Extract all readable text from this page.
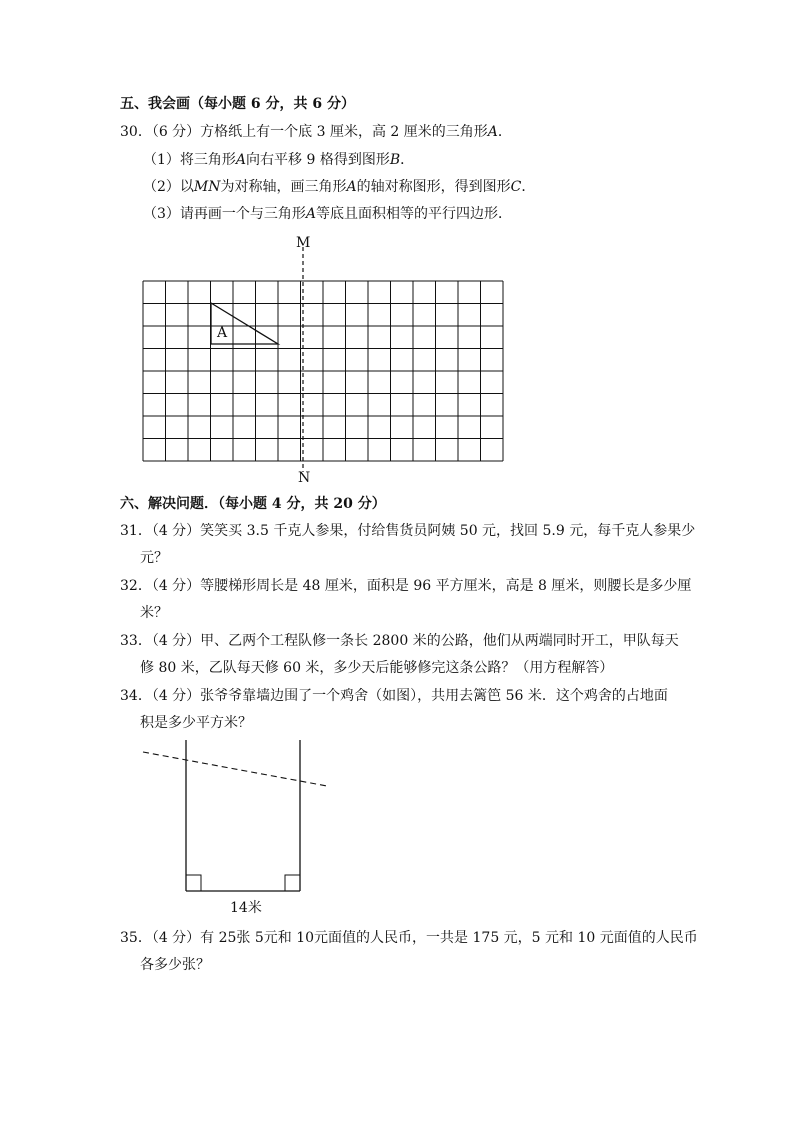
五、我会画（每小题 6 分，共 6 分）
30．（6 分）方格纸上有一个底 3 厘米，高 2 厘米的三角形A．
（1）将三角形A向右平移 9 格得到图形B．
（2）以MN为对称轴，画三角形A的轴对称图形，得到图形C．
（3）请再画一个与三角形A等底且面积相等的平行四边形．
M
N
A
14米
六、解决问题．（每小题 4 分，共 20 分）
31．（4 分）笑笑买 3.5 千克人参果，付给售货员阿姨 50 元，找回 5.9 元，每千克人参果少
元？
32．（4 分）等腰梯形周长是 48 厘米，面积是 96 平方厘米，高是 8 厘米，则腰长是多少厘
米？
33．（4 分）甲、乙两个工程队修一条长 2800 米的公路，他们从两端同时开工，甲队每天
修 80 米，乙队每天修 60 米，多少天后能够修完这条公路？（用方程解答）
34．（4 分）张爷爷靠墙边围了一个鸡舍（如图），共用去篱笆 56 米．这个鸡舍的占地面
积是多少平方米？
35．（4 分）有 25张 5元和 10元面值的人民币，一共是 175 元，5 元和 10 元面值的人民币
各多少张？
